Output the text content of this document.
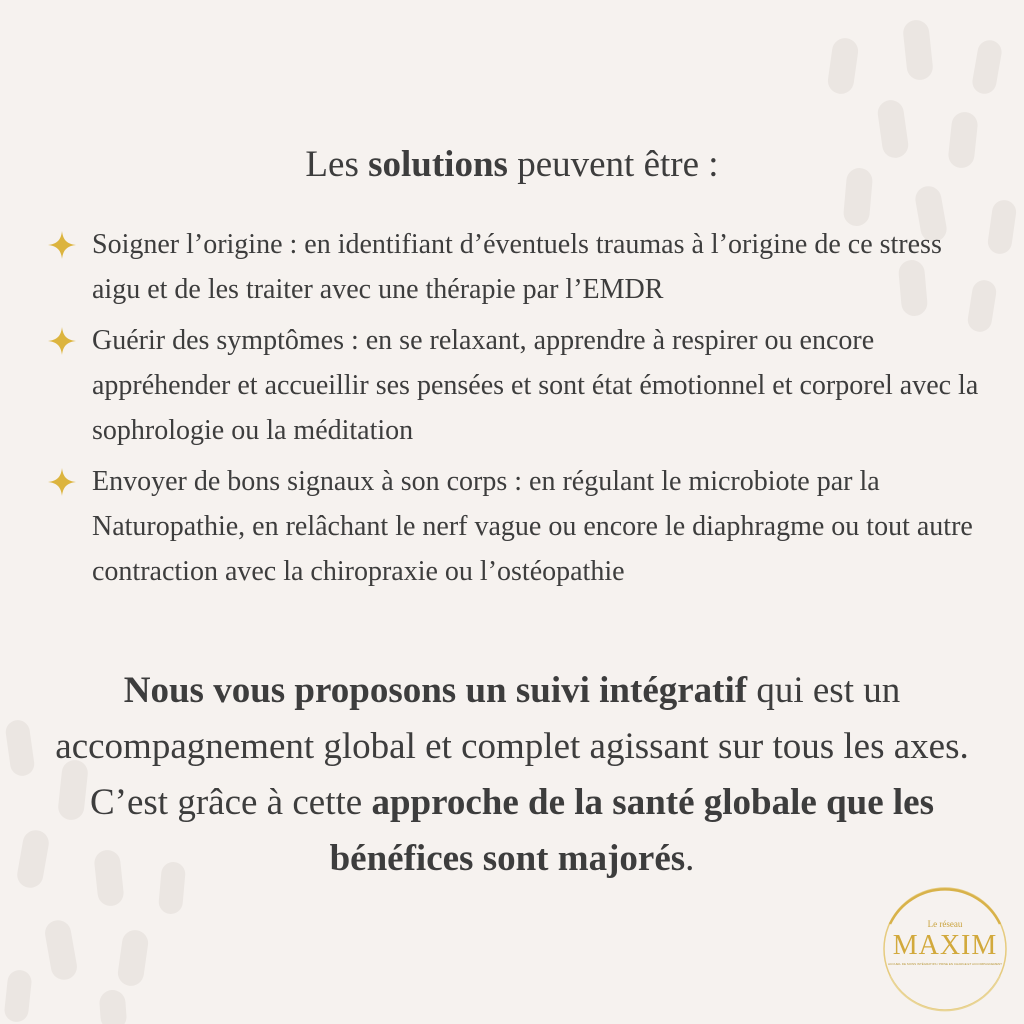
Les solutions peuvent être :
Soigner l’origine : en identifiant d’éventuels traumas à l’origine de ce stress aigu et de les traiter avec une thérapie par l’EMDR
Guérir des symptômes : en se relaxant, apprendre à respirer ou encore appréhender et accueillir ses pensées et sont état émotionnel et corporel avec la sophrologie ou la méditation
Envoyer de bons signaux à son corps : en régulant le microbiote par la Naturopathie, en relâchant le nerf vague ou encore le diaphragme ou tout autre contraction avec la chiropraxie ou l’ostéopathie
Nous vous proposons un suivi intégratif qui est un accompagnement global et complet agissant sur tous les axes. C’est grâce à cette approche de la santé globale que les bénéfices sont majorés.
Le réseau
MAXIM
ACCUEIL DE SOINS INTÉGRATIFS / PRISE EN CHARGE ET ACCOMPAGNEMENT
